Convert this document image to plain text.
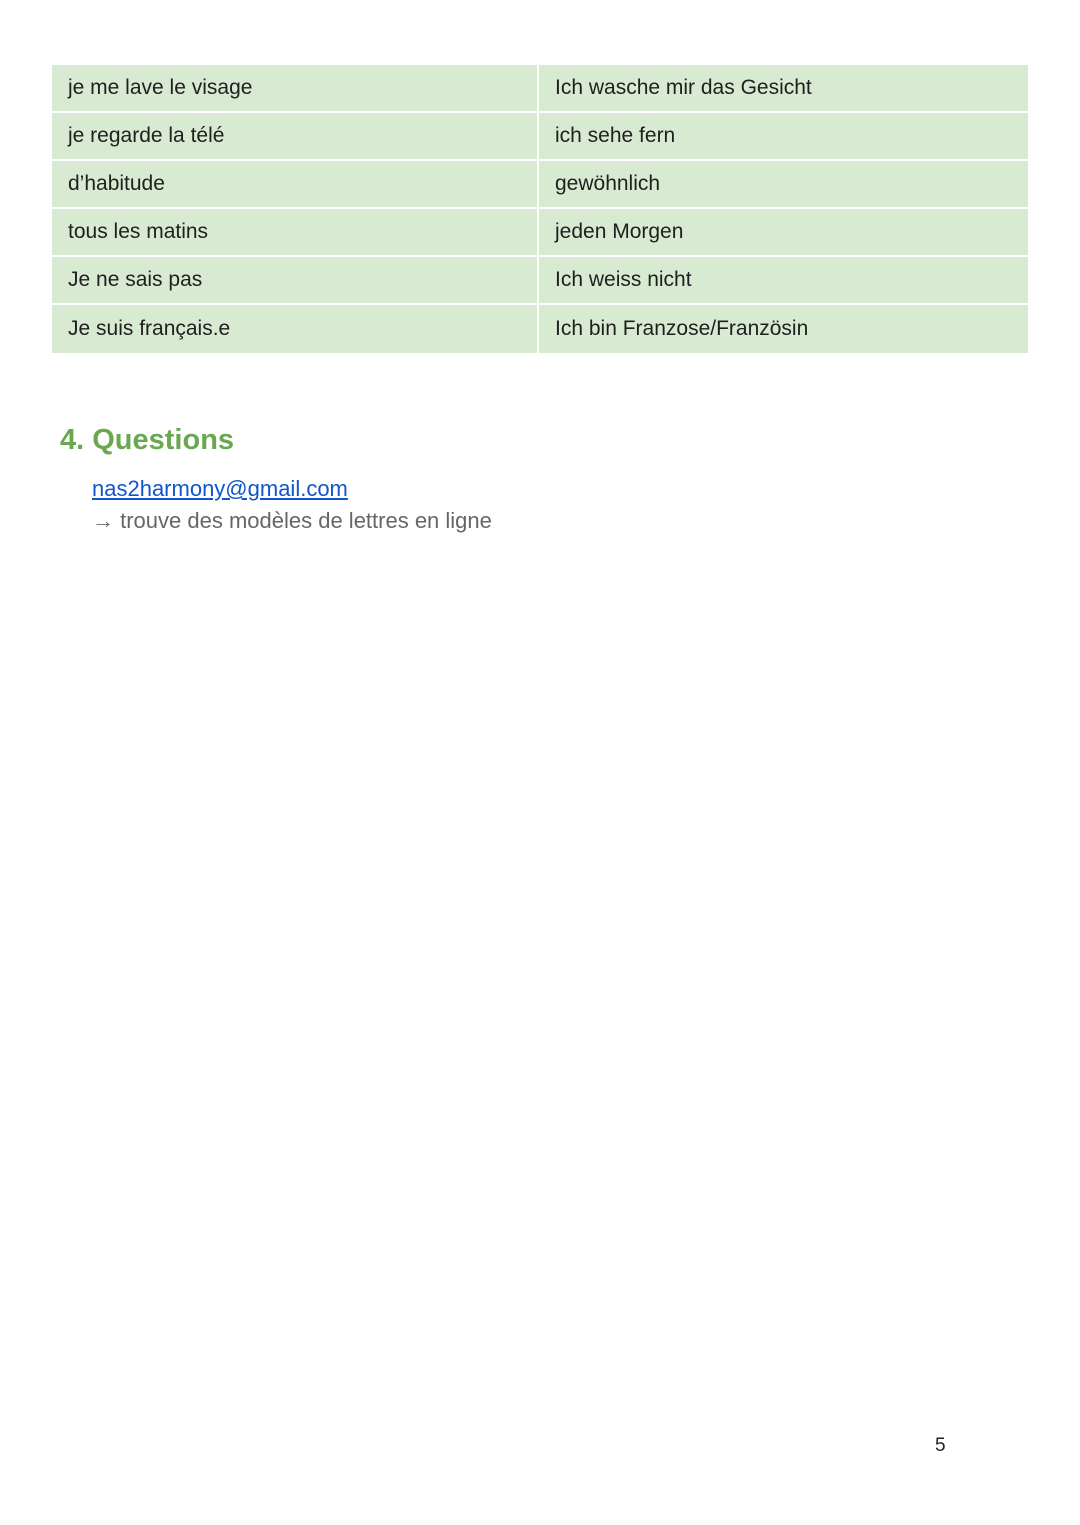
je me lave le visage	Ich wasche mir das Gesicht
je regarde la télé	ich sehe fern
d’habitude	gewöhnlich
tous les matins	jeden Morgen
Je ne sais pas	Ich weiss nicht
Je suis français.e	Ich bin Franzose/Französin
4. Questions
nas2harmony@gmail.com
→ trouve des modèles de lettres en ligne
5
